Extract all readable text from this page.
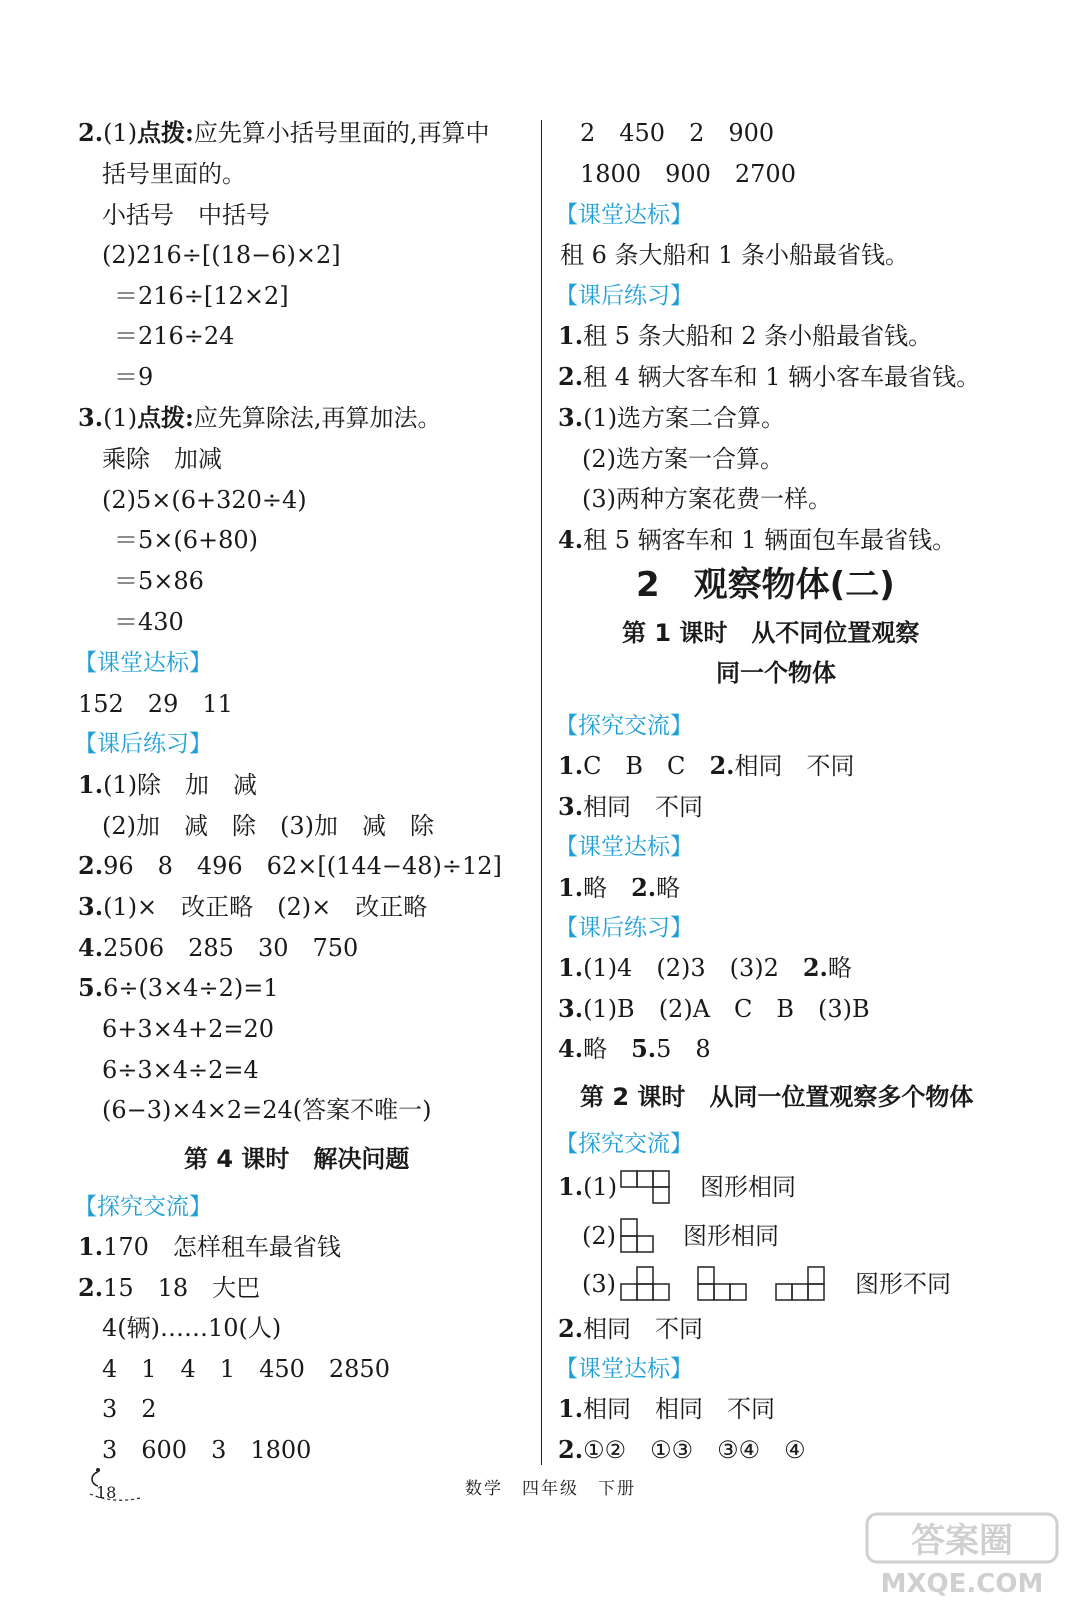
2.(1)点拨:应先算小括号里面的,再算中
括号里面的。
小括号　中括号
(2)216÷[(18−6)×2]
＝216÷[12×2]
＝216÷24
＝9
3.(1)点拨:应先算除法,再算加法。
乘除　加减
(2)5×(6+320÷4)
＝5×(6+80)
＝5×86
＝430
【课堂达标】
152　29　11
【课后练习】
1.(1)除　加　减
(2)加　减　除　(3)加　减　除
2.96　8　496　62×[(144−48)÷12]
3.(1)×　改正略　(2)×　改正略
4.2506　285　30　750
5.6÷(3×4÷2)=1
6+3×4+2=20
6÷3×4÷2=4
(6−3)×4×2=24(答案不唯一)
第 4 课时　解决问题
【探究交流】
1.170　怎样租车最省钱
2.15　18　大巴
4(辆)……10(人)
4　1　4　1　450　2850
3　2
3　600　3　1800
2　450　2　900
1800　900　2700
【课堂达标】
租 6 条大船和 1 条小船最省钱。
【课后练习】
1.租 5 条大船和 2 条小船最省钱。
2.租 4 辆大客车和 1 辆小客车最省钱。
3.(1)选方案二合算。
(2)选方案一合算。
(3)两种方案花费一样。
4.租 5 辆客车和 1 辆面包车最省钱。
2　观察物体(二)
第 1 课时　从不同位置观察
同一个物体
【探究交流】
1.C　B　C　2.相同　不同
3.相同　不同
【课堂达标】
1.略　2.略
【课后练习】
1.(1)4　(2)3　(3)2　2.略
3.(1)B　(2)A　C　B　(3)B
4.略　5.5　8
第 2 课时　从同一位置观察多个物体
【探究交流】
1.(1)	图形相同
(2)	图形相同
(3)	图形不同
2.相同　不同
【课堂达标】
1.相同　相同　不同
2.①②　①③　③④　④
18	数学　四年级　下册
答案圈
MXQE.COM
